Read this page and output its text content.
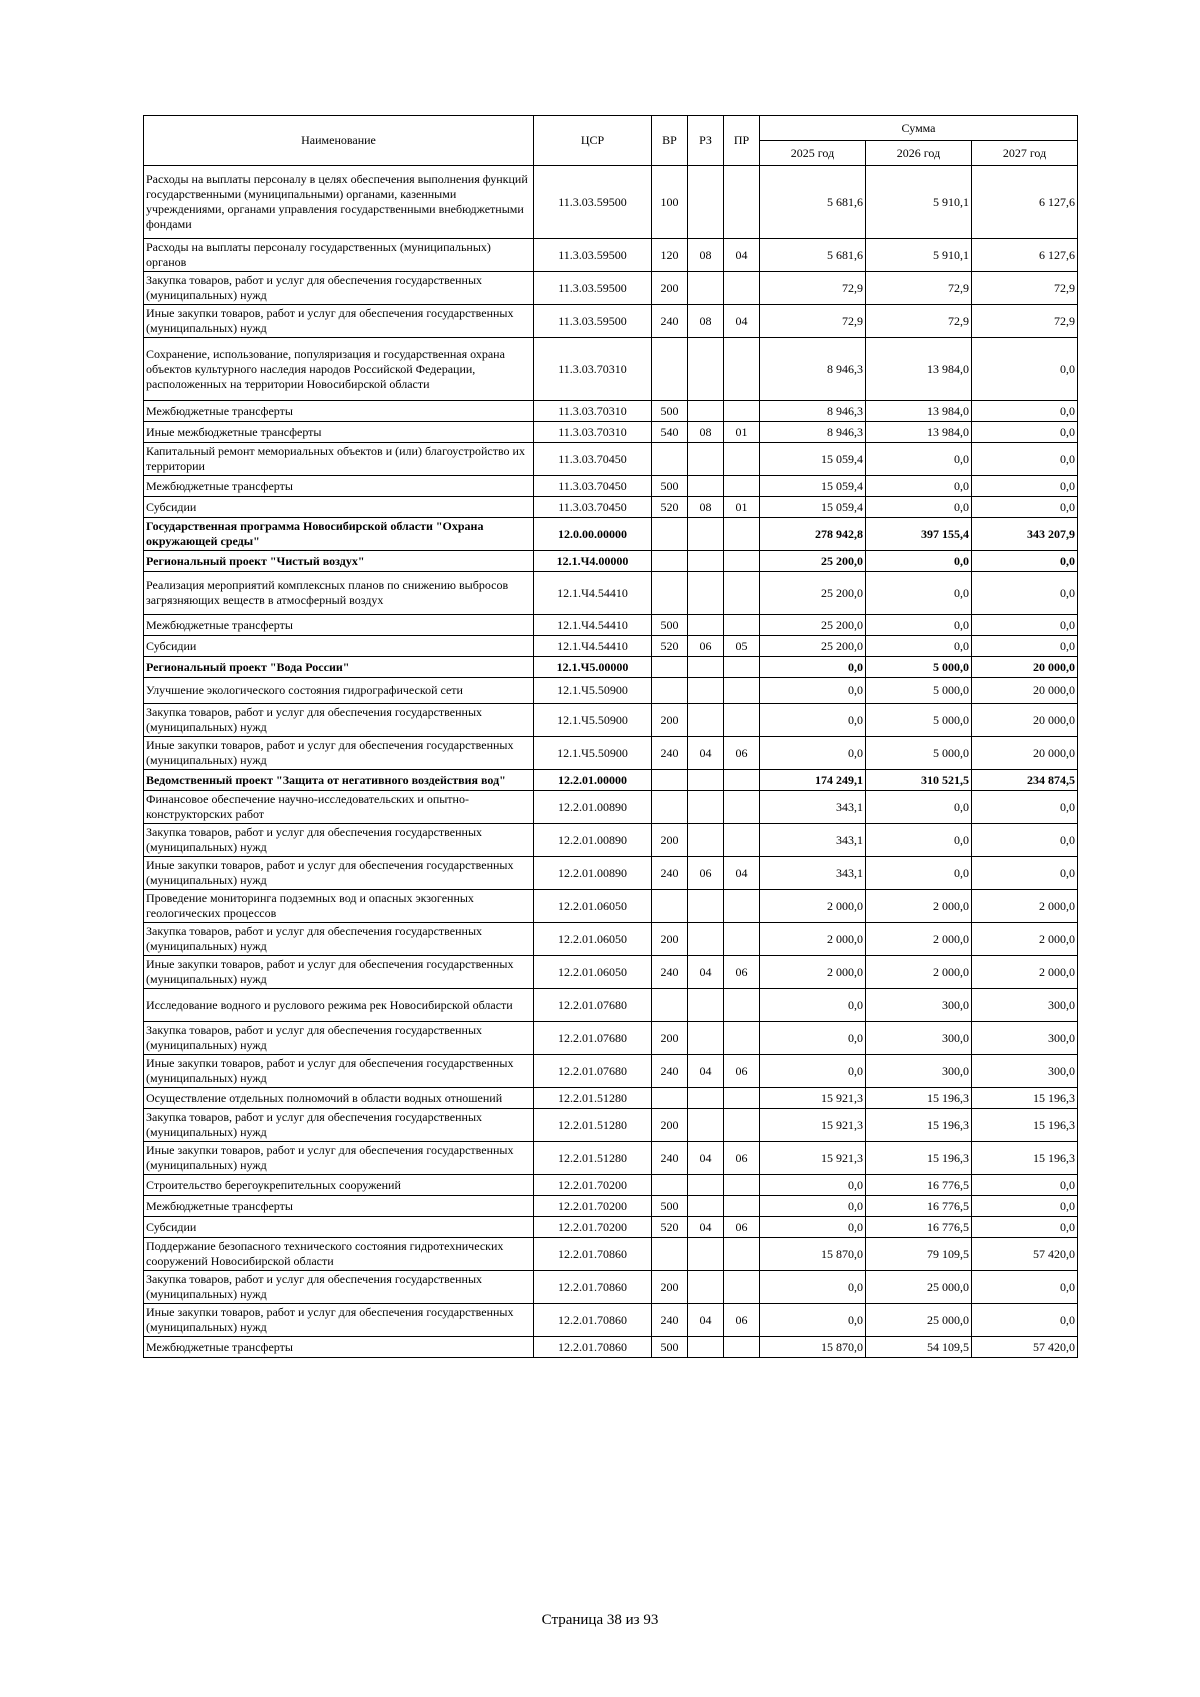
Наименование	ЦСР	ВР	РЗ	ПР	Сумма		
					2025 год	2026 год	2027 год
Расходы на выплаты персоналу в целях обеспечения выполнения функций государственными (муниципальными) органами, казенными учреждениями, органами управления государственными внебюджетными фондами	11.3.03.59500	100			5 681,6	5 910,1	6 127,6
Расходы на выплаты персоналу государственных (муниципальных) органов	11.3.03.59500	120	08	04	5 681,6	5 910,1	6 127,6
Закупка товаров, работ и услуг для обеспечения государственных (муниципальных) нужд	11.3.03.59500	200			72,9	72,9	72,9
Иные закупки товаров, работ и услуг для обеспечения государственных (муниципальных) нужд	11.3.03.59500	240	08	04	72,9	72,9	72,9
Сохранение, использование, популяризация и государственная охрана объектов культурного наследия народов Российской Федерации, расположенных на территории Новосибирской области	11.3.03.70310				8 946,3	13 984,0	0,0
Межбюджетные трансферты	11.3.03.70310	500			8 946,3	13 984,0	0,0
Иные межбюджетные трансферты	11.3.03.70310	540	08	01	8 946,3	13 984,0	0,0
Капитальный ремонт мемориальных объектов и (или) благоустройство их территории	11.3.03.70450				15 059,4	0,0	0,0
Межбюджетные трансферты	11.3.03.70450	500			15 059,4	0,0	0,0
Субсидии	11.3.03.70450	520	08	01	15 059,4	0,0	0,0
Государственная программа Новосибирской области "Охрана окружающей среды"	12.0.00.00000				278 942,8	397 155,4	343 207,9
Региональный проект "Чистый воздух"	12.1.Ч4.00000				25 200,0	0,0	0,0
Реализация мероприятий комплексных планов по снижению выбросов загрязняющих веществ в атмосферный воздух	12.1.Ч4.54410				25 200,0	0,0	0,0
Межбюджетные трансферты	12.1.Ч4.54410	500			25 200,0	0,0	0,0
Субсидии	12.1.Ч4.54410	520	06	05	25 200,0	0,0	0,0
Региональный проект "Вода России"	12.1.Ч5.00000				0,0	5 000,0	20 000,0
Улучшение экологического состояния гидрографической сети	12.1.Ч5.50900				0,0	5 000,0	20 000,0
Закупка товаров, работ и услуг для обеспечения государственных (муниципальных) нужд	12.1.Ч5.50900	200			0,0	5 000,0	20 000,0
Иные закупки товаров, работ и услуг для обеспечения государственных (муниципальных) нужд	12.1.Ч5.50900	240	04	06	0,0	5 000,0	20 000,0
Ведомственный проект "Защита от негативного воздействия вод"	12.2.01.00000				174 249,1	310 521,5	234 874,5
Финансовое обеспечение научно-исследовательских и опытно-конструкторских работ	12.2.01.00890				343,1	0,0	0,0
Закупка товаров, работ и услуг для обеспечения государственных (муниципальных) нужд	12.2.01.00890	200			343,1	0,0	0,0
Иные закупки товаров, работ и услуг для обеспечения государственных (муниципальных) нужд	12.2.01.00890	240	06	04	343,1	0,0	0,0
Проведение мониторинга подземных вод и опасных экзогенных геологических процессов	12.2.01.06050				2 000,0	2 000,0	2 000,0
Закупка товаров, работ и услуг для обеспечения государственных (муниципальных) нужд	12.2.01.06050	200			2 000,0	2 000,0	2 000,0
Иные закупки товаров, работ и услуг для обеспечения государственных (муниципальных) нужд	12.2.01.06050	240	04	06	2 000,0	2 000,0	2 000,0
Исследование водного и руслового режима рек Новосибирской области	12.2.01.07680				0,0	300,0	300,0
Закупка товаров, работ и услуг для обеспечения государственных (муниципальных) нужд	12.2.01.07680	200			0,0	300,0	300,0
Иные закупки товаров, работ и услуг для обеспечения государственных (муниципальных) нужд	12.2.01.07680	240	04	06	0,0	300,0	300,0
Осуществление отдельных полномочий в области водных отношений	12.2.01.51280				15 921,3	15 196,3	15 196,3
Закупка товаров, работ и услуг для обеспечения государственных (муниципальных) нужд	12.2.01.51280	200			15 921,3	15 196,3	15 196,3
Иные закупки товаров, работ и услуг для обеспечения государственных (муниципальных) нужд	12.2.01.51280	240	04	06	15 921,3	15 196,3	15 196,3
Строительство берегоукрепительных сооружений	12.2.01.70200				0,0	16 776,5	0,0
Межбюджетные трансферты	12.2.01.70200	500			0,0	16 776,5	0,0
Субсидии	12.2.01.70200	520	04	06	0,0	16 776,5	0,0
Поддержание безопасного технического состояния гидротехнических сооружений Новосибирской области	12.2.01.70860				15 870,0	79 109,5	57 420,0
Закупка товаров, работ и услуг для обеспечения государственных (муниципальных) нужд	12.2.01.70860	200			0,0	25 000,0	0,0
Иные закупки товаров, работ и услуг для обеспечения государственных (муниципальных) нужд	12.2.01.70860	240	04	06	0,0	25 000,0	0,0
Межбюджетные трансферты	12.2.01.70860	500			15 870,0	54 109,5	57 420,0
Страница 38 из 93
